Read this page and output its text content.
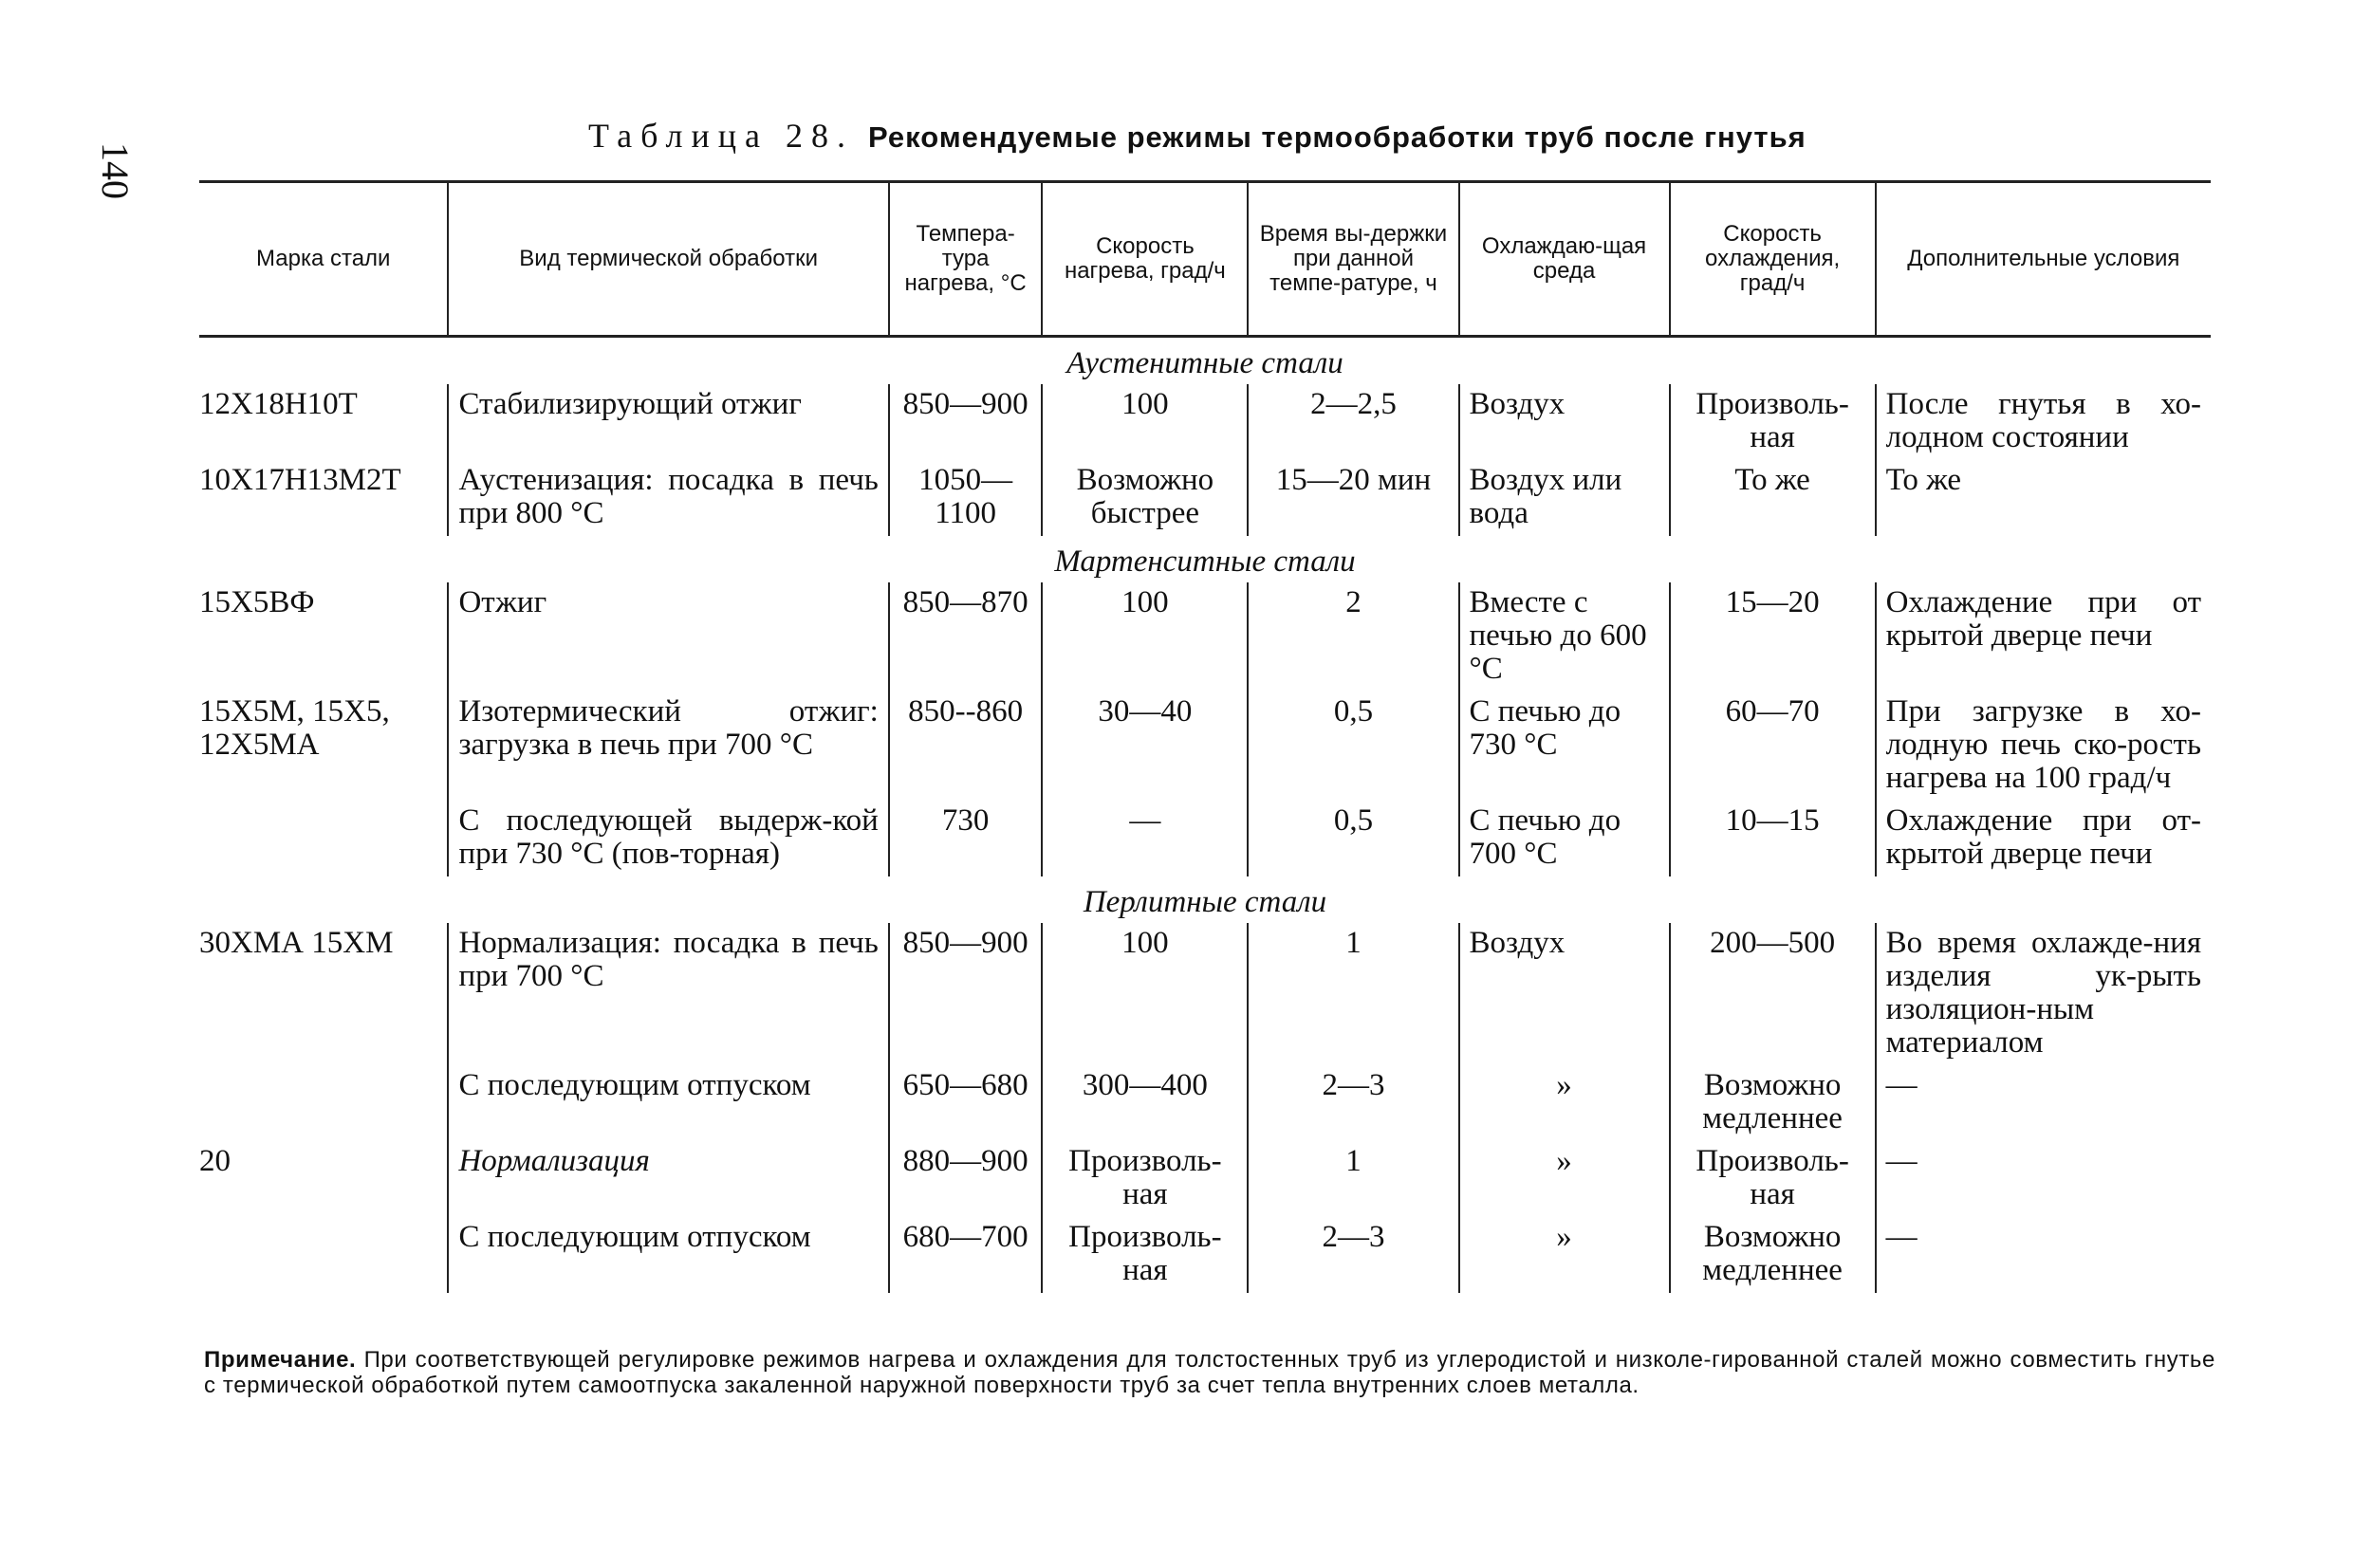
140
Таблица 28. Рекомендуемые режимы термообработки труб после гнутья
Марка стали	Вид термической обработки	Темпера-тура нагрева, °С	Скорость нагрева, град/ч	Время вы-держки при данной темпе-ратуре, ч	Охлаждаю-щая среда	Скорость охлаждения, град/ч	Дополнительные условия
Аустенитные стали							
12Х18Н10Т	Стабилизирующий отжиг	850—900	100	2—2,5	Воздух	Произволь-ная	После гнутья в хо-лодном состоянии
10Х17Н13М2Т	Аустенизация: посадка в печь при 800 °С	1050—1100	Возможно быстрее	15—20 мин	Воздух или вода	То же	То же
Мартенситные стали							
15Х5ВФ	Отжиг	850—870	100	2	Вместе с печью до 600 °С	15—20	Охлаждение при от крытой дверце печи
15Х5М, 15Х5, 12Х5МА	Изотермический отжиг: загрузка в печь при 700 °С	850--860	30—40	0,5	С печью до 730 °С	60—70	При загрузке в хо-лодную печь ско-рость нагрева на 100 град/ч
	С последующей выдерж-кой при 730 °С (пов-торная)	730	—	0,5	С печью до 700 °С	10—15	Охлаждение при от-крытой дверце печи
Перлитные стали							
30ХМА 15ХМ	Нормализация: посадка в печь при 700 °С	850—900	100	1	Воздух	200—500	Во время охлажде-ния изделия ук-рыть изоляцион-ным материалом
	С последующим отпуском	650—680	300—400	2—3	»	Возможно медленнее	—
20	Нормализация	880—900	Произволь-ная	1	»	Произволь-ная	—
	С последующим отпуском	680—700	Произволь-ная	2—3	»	Возможно медленнее	—
Примечание. При соответствующей регулировке режимов нагрева и охлаждения для толстостенных труб из углеродистой и низколе-гированной сталей можно совместить гнутье с термической обработкой путем самоотпуска закаленной наружной поверхности труб за счет тепла внутренних слоев металла.
